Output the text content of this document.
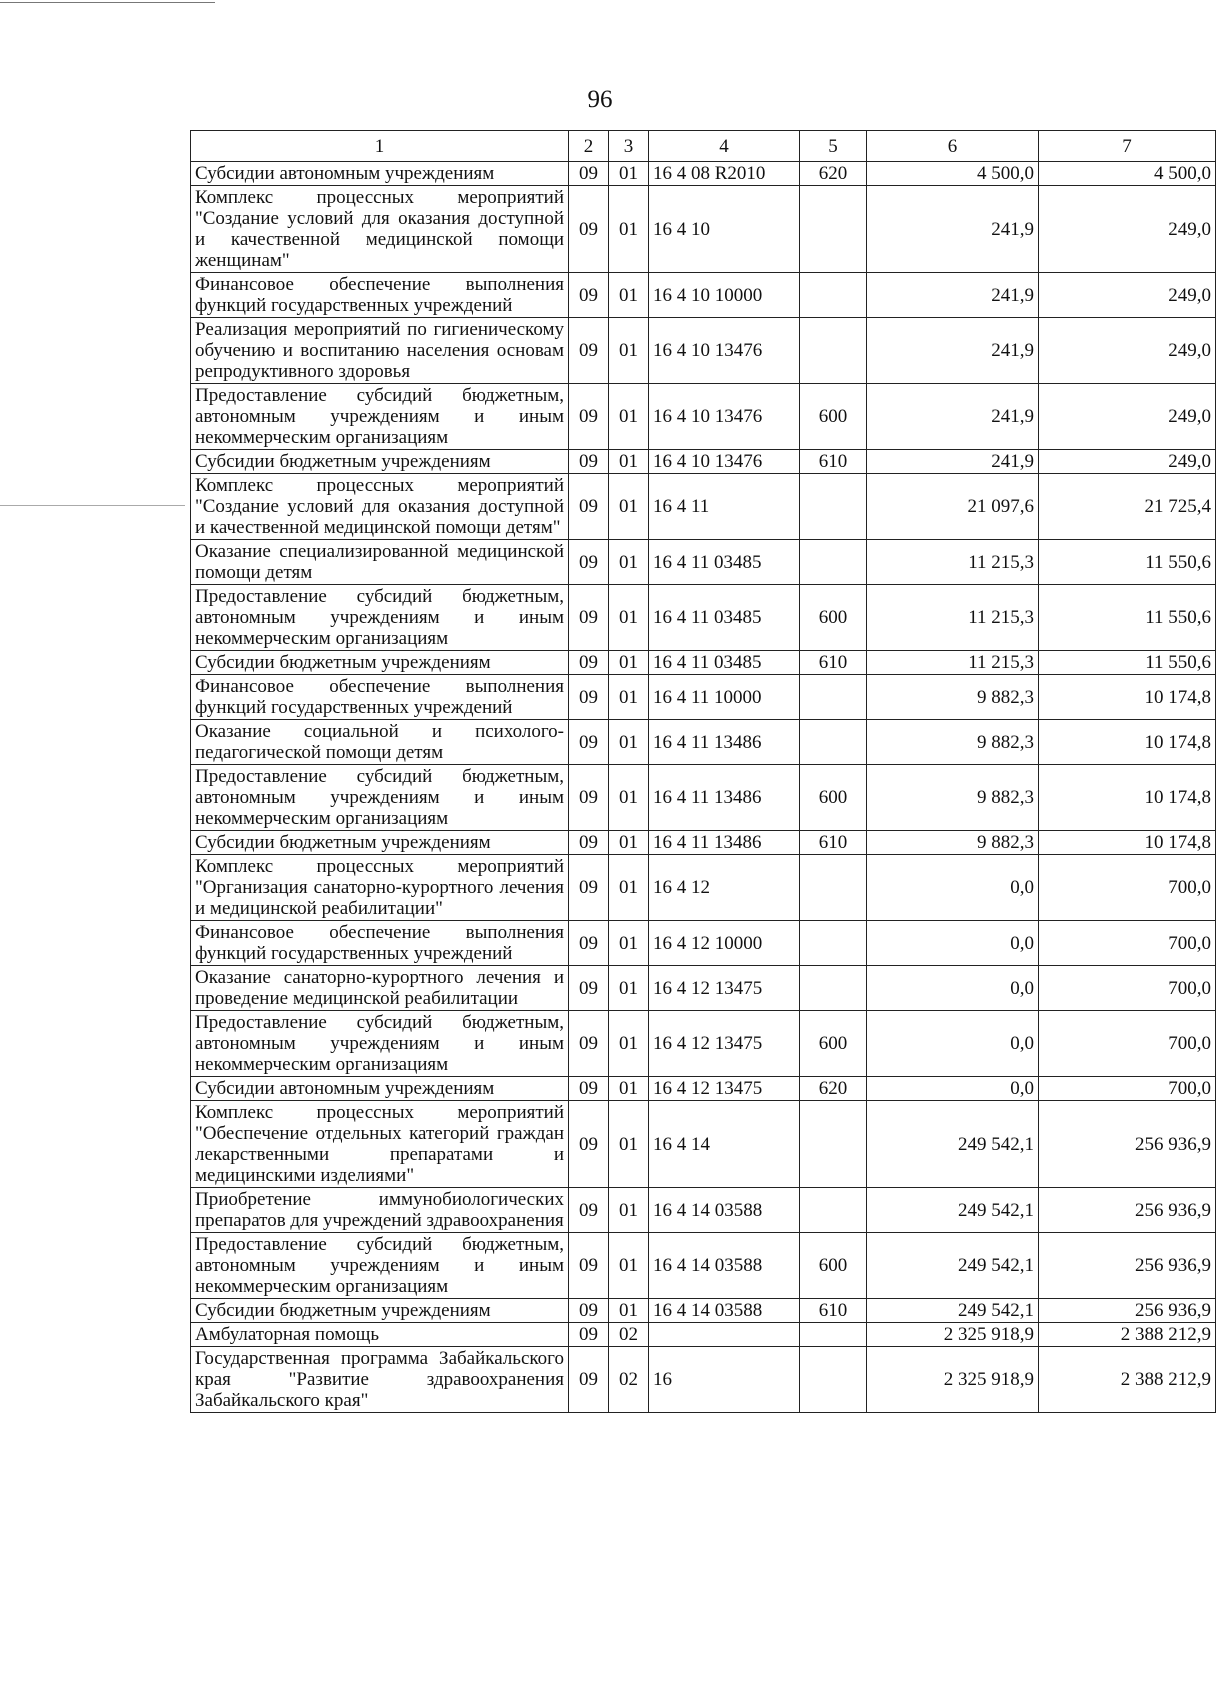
96
1	2	3	4	5	6	7
Субсидии автономным учреждениям	09	01	16 4 08 R2010	620	4 500,0	4 500,0
Комплекс процессных мероприятий "Создание условий для оказания доступной и качественной медицинской помощи женщинам"	09	01	16 4 10		241,9	249,0
Финансовое обеспечение выполнения функций государственных учреждений	09	01	16 4 10 10000		241,9	249,0
Реализация мероприятий по гигиеническому обучению и воспитанию населения основам репродуктивного здоровья	09	01	16 4 10 13476		241,9	249,0
Предоставление субсидий бюджетным, автономным учреждениям и иным некоммерческим организациям	09	01	16 4 10 13476	600	241,9	249,0
Субсидии бюджетным учреждениям	09	01	16 4 10 13476	610	241,9	249,0
Комплекс процессных мероприятий "Создание условий для оказания доступной и качественной медицинской помощи детям"	09	01	16 4 11		21 097,6	21 725,4
Оказание специализированной медицинской помощи детям	09	01	16 4 11 03485		11 215,3	11 550,6
Предоставление субсидий бюджетным, автономным учреждениям и иным некоммерческим организациям	09	01	16 4 11 03485	600	11 215,3	11 550,6
Субсидии бюджетным учреждениям	09	01	16 4 11 03485	610	11 215,3	11 550,6
Финансовое обеспечение выполнения функций государственных учреждений	09	01	16 4 11 10000		9 882,3	10 174,8
Оказание социальной и психолого-педагогической помощи детям	09	01	16 4 11 13486		9 882,3	10 174,8
Предоставление субсидий бюджетным, автономным учреждениям и иным некоммерческим организациям	09	01	16 4 11 13486	600	9 882,3	10 174,8
Субсидии бюджетным учреждениям	09	01	16 4 11 13486	610	9 882,3	10 174,8
Комплекс процессных мероприятий "Организация санаторно-курортного лечения и медицинской реабилитации"	09	01	16 4 12		0,0	700,0
Финансовое обеспечение выполнения функций государственных учреждений	09	01	16 4 12 10000		0,0	700,0
Оказание санаторно-курортного лечения и проведение медицинской реабилитации	09	01	16 4 12 13475		0,0	700,0
Предоставление субсидий бюджетным, автономным учреждениям и иным некоммерческим организациям	09	01	16 4 12 13475	600	0,0	700,0
Субсидии автономным учреждениям	09	01	16 4 12 13475	620	0,0	700,0
Комплекс процессных мероприятий "Обеспечение отдельных категорий граждан лекарственными препаратами и медицинскими изделиями"	09	01	16 4 14		249 542,1	256 936,9
Приобретение иммунобиологических препаратов для учреждений здравоохранения	09	01	16 4 14 03588		249 542,1	256 936,9
Предоставление субсидий бюджетным, автономным учреждениям и иным некоммерческим организациям	09	01	16 4 14 03588	600	249 542,1	256 936,9
Субсидии бюджетным учреждениям	09	01	16 4 14 03588	610	249 542,1	256 936,9
Амбулаторная помощь	09	02			2 325 918,9	2 388 212,9
Государственная программа Забайкальского края "Развитие здравоохранения Забайкальского края"	09	02	16		2 325 918,9	2 388 212,9
